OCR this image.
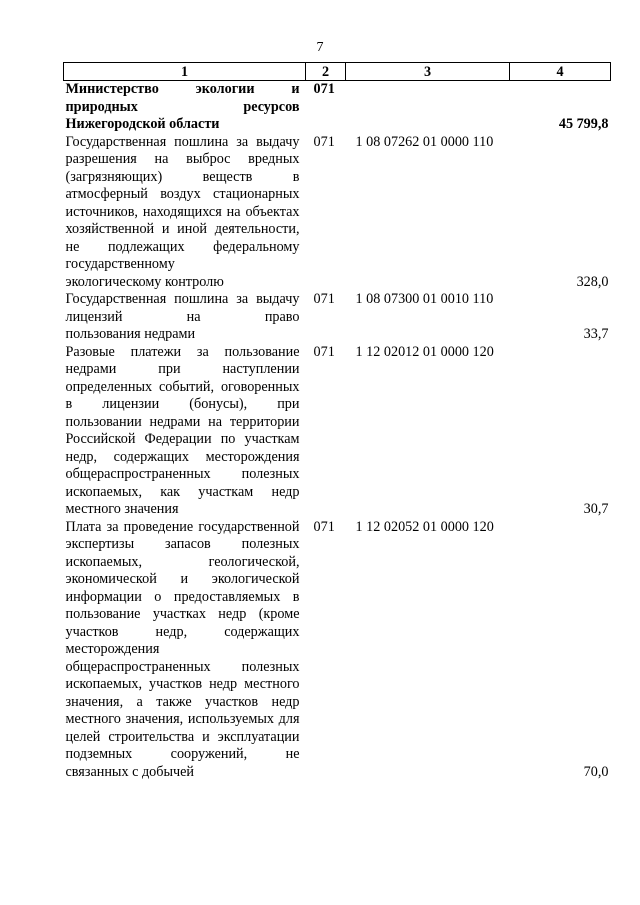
7
1	2	3	4
Министерство экологии и природных ресурсов
Нижегородской области	071		45 799,8
Государственная пошлина за выдачу разрешения на выброс вредных (загрязняющих) веществ в атмосферный воздух стационарных источников, находящихся на объектах хозяйственной и иной деятельности, не подлежащих федеральному государственному
экологическому контролю	071	1 08 07262 01 0000 110	328,0
Государственная пошлина за выдачу лицензий на право
пользования недрами	071	1 08 07300 01 0010 110	33,7
Разовые платежи за пользование недрами при наступлении определенных событий, оговоренных в лицензии (бонусы), при пользовании недрами на территории Российской Федерации по участкам недр, содержащих месторождения общераспространенных полезных ископаемых, как участкам недр
местного значения	071	1 12 02012 01 0000 120	30,7
Плата за проведение государственной экспертизы запасов полезных ископаемых, геологической, экономической и экологической информации о предоставляемых в пользование участках недр (кроме участков недр, содержащих месторождения общераспространенных полезных ископаемых, участков недр местного значения, а также участков недр местного значения, используемых для целей строительства и эксплуатации подземных сооружений, не
связанных с добычей	071	1 12 02052 01 0000 120	70,0
